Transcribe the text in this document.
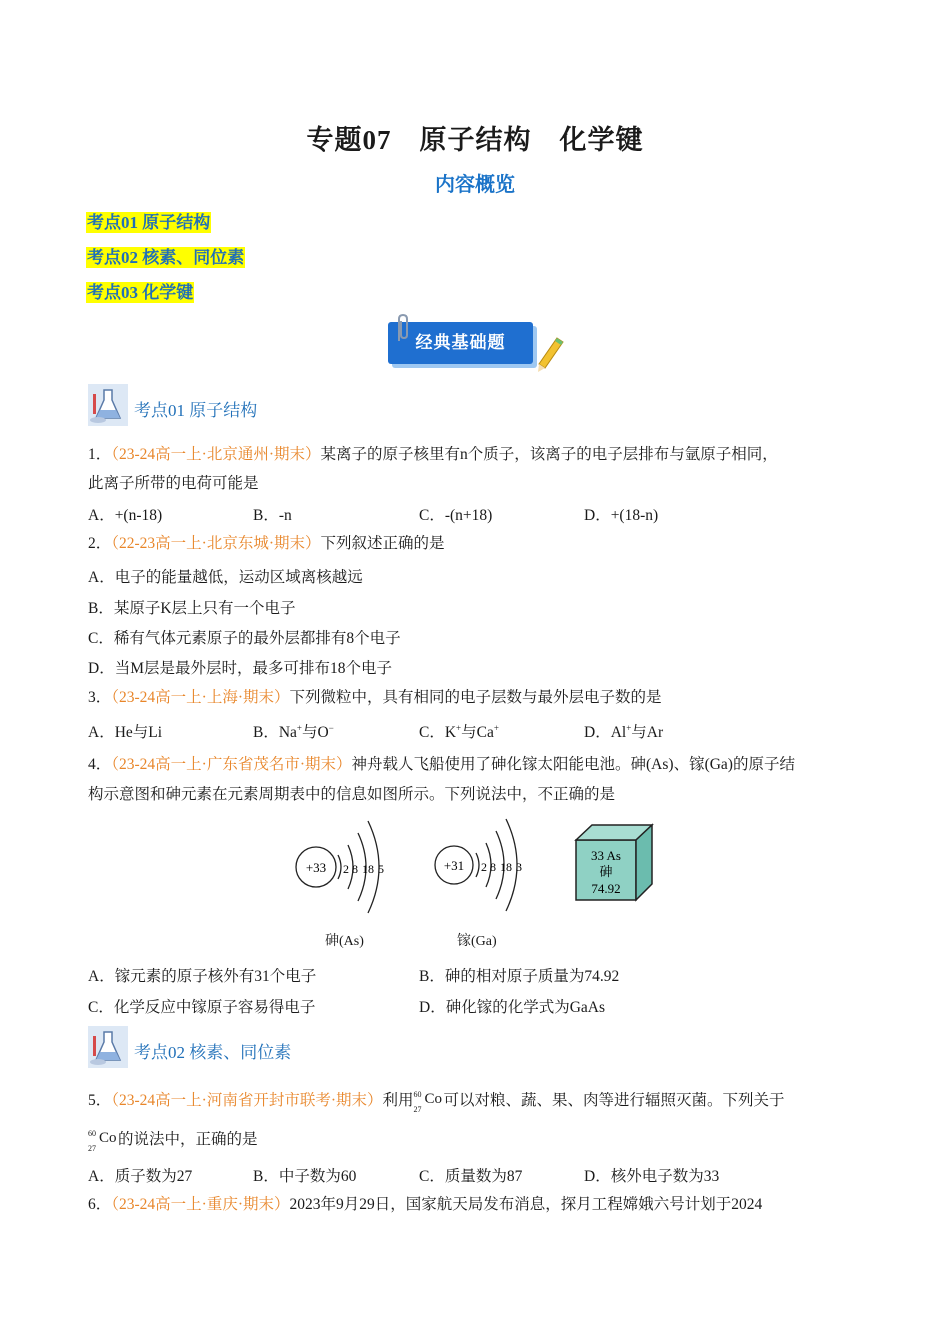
专题07 原子结构 化学键
内容概览
考点01 原子结构
考点02 核素、同位素
考点03 化学键
经典基础题
考点01 原子结构
1．（23-24高一上·北京通州·期末）某离子的原子核里有n个质子，该离子的电子层排布与氩原子相同，
此离子所带的电荷可能是
A．+(n-18)	B．-n	C．-(n+18)	D．+(18-n)
2．（22-23高一上·北京东城·期末）下列叙述正确的是
A．电子的能量越低，运动区域离核越远
B．某原子K层上只有一个电子
C．稀有气体元素原子的最外层都排有8个电子
D．当M层是最外层时，最多可排布18个电子
3．（23-24高一上·上海·期末）下列微粒中，具有相同的电子层数与最外层电子数的是
A．He与Li	B．Na+与O−	C．K+与Ca+	D．Al+与Ar
4．（23-24高一上·广东省茂名市·期末）神舟载人飞船使用了砷化镓太阳能电池。砷(As)、镓(Ga)的原子结
构示意图和砷元素在元素周期表中的信息如图所示。下列说法中，不正确的是
+33 2 8 18 5
砷(As)
+31 2 8 18 3
镓(Ga)
33 As
砷
74.92
A．镓元素的原子核外有31个电子	B．砷的相对原子质量为74.92
C．化学反应中镓原子容易得电子	D．砷化镓的化学式为GaAs
考点02 核素、同位素
5．（23-24高一上·河南省开封市联考·期末）利用 60
27
Co 可以对粮、蔬、果、肉等进行辐照灭菌。下列关于
60
27
Co 的说法中，正确的是
A．质子数为27	B．中子数为60	C．质量数为87	D．核外电子数为33
6．（23-24高一上·重庆·期末）2023年9月29日，国家航天局发布消息，探月工程嫦娥六号计划于2024
